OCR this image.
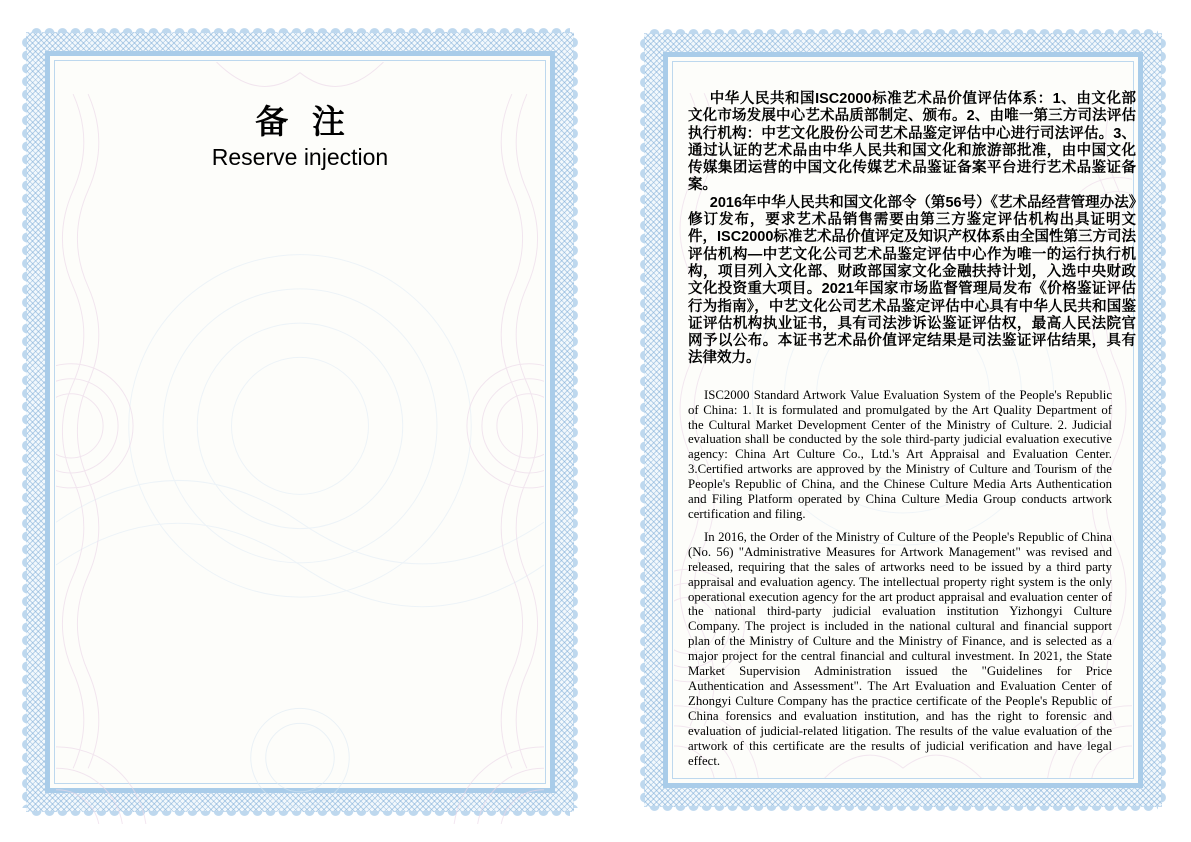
备 注
Reserve injection

中华人民共和国ISC2000标准艺术品价值评估体系：1、由文化部文化市场发展中心艺术品质部制定、颁布。2、由唯一第三方司法评估执行机构：中艺文化股份公司艺术品鉴定评估中心进行司法评估。3、通过认证的艺术品由中华人民共和国文化和旅游部批准，由中国文化传媒集团运营的中国文化传媒艺术品鉴证备案平台进行艺术品鉴证备案。

2016年中华人民共和国文化部令（第56号）《艺术品经营管理办法》修订发布，要求艺术品销售需要由第三方鉴定评估机构出具证明文件，ISC2000标准艺术品价值评定及知识产权体系由全国性第三方司法评估机构—中艺文化公司艺术品鉴定评估中心作为唯一的运行执行机构，项目列入文化部、财政部国家文化金融扶持计划，入选中央财政文化投资重大项目。2021年国家市场监督管理局发布《价格鉴证评估行为指南》，中艺文化公司艺术品鉴定评估中心具有中华人民共和国鉴证评估机构执业证书，具有司法涉诉讼鉴证评估权，最高人民法院官网予以公布。本证书艺术品价值评定结果是司法鉴证评估结果，具有法律效力。

ISC2000 Standard Artwork Value Evaluation System of the People's Republic of China: 1. It is formulated and promulgated by the Art Quality Department of the Cultural Market Development Center of the Ministry of Culture. 2. Judicial evaluation shall be conducted by the sole third-party judicial evaluation executive agency: China Art Culture Co., Ltd.'s Art Appraisal and Evaluation Center. 3.Certified artworks are approved by the Ministry of Culture and Tourism of the People's Republic of China, and the Chinese Culture Media Arts Authentication and Filing Platform operated by China Culture Media Group conducts artwork certification and filing.

In 2016, the Order of the Ministry of Culture of the People's Republic of China (No. 56) "Administrative Measures for Artwork Management" was revised and released, requiring that the sales of artworks need to be issued by a third party appraisal and evaluation agency. The intellectual property right system is the only operational execution agency for the art product appraisal and evaluation center of the national third-party judicial evaluation institution Yizhongyi Culture Company. The project is included in the national cultural and financial support plan of the Ministry of Culture and the Ministry of Finance, and is selected as a major project for the central financial and cultural investment. In 2021, the State Market Supervision Administration issued the "Guidelines for Price Authentication and Assessment". The Art Evaluation and Evaluation Center of Zhongyi Culture Company has the practice certificate of the People's Republic of China forensics and evaluation institution, and has the right to forensic and evaluation of judicial-related litigation. The results of the value evaluation of the artwork of this certificate are the results of judicial verification and have legal effect.
